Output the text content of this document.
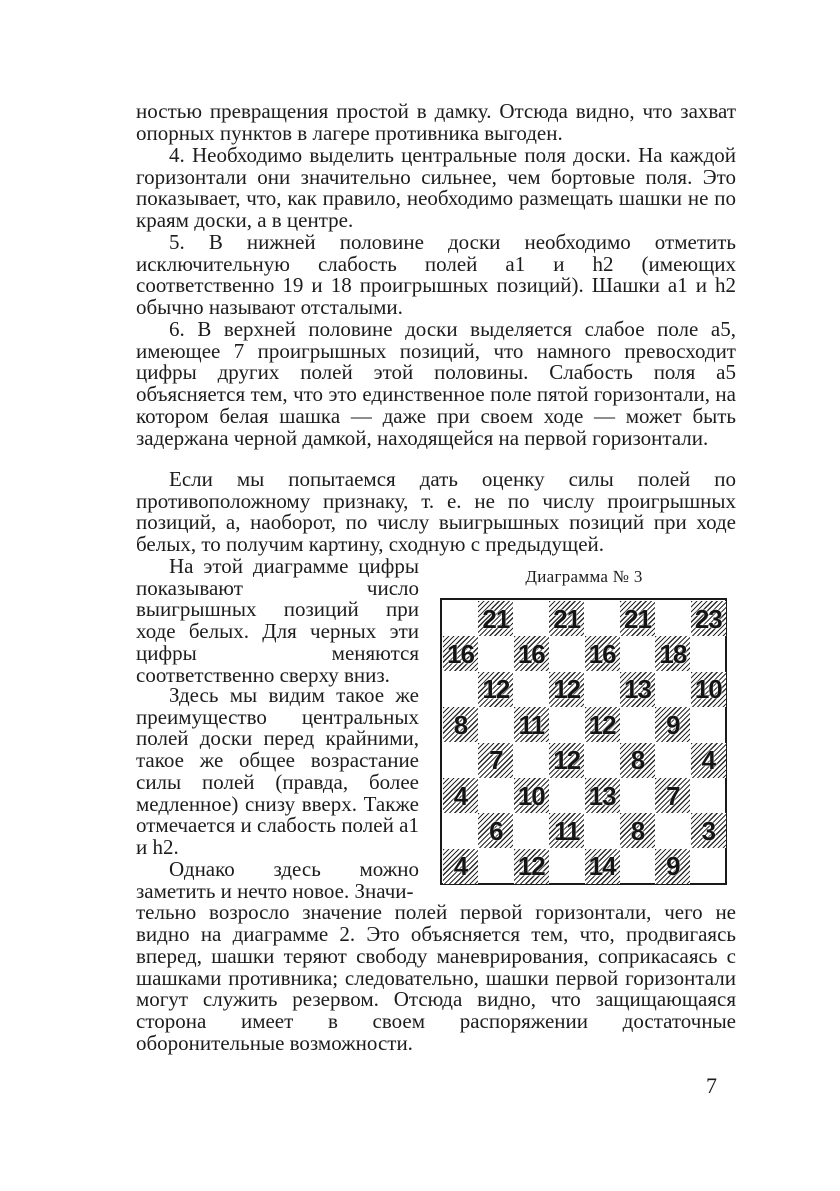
ностью превращения простой в дамку. Отсюда видно, что захват опорных пунктов в лагере противника выгоден.

4. Необходимо выделить центральные поля доски. На каждой горизонтали они значительно сильнее, чем бортовые поля. Это показывает, что, как правило, необходимо размещать шашки не по краям доски, а в центре.

5. В нижней половине доски необходимо отметить исключительную слабость полей a1 и h2 (имеющих соответственно 19 и 18 проигрышных позиций). Шашки a1 и h2 обычно называют отсталыми.

6. В верхней половине доски выделяется слабое поле a5, имеющее 7 проигрышных позиций, что намного превосходит цифры других полей этой половины. Слабость поля a5 объясняется тем, что это единственное поле пятой горизонтали, на котором белая шашка — даже при своем ходе — может быть задержана черной дамкой, находящейся на первой горизонтали.

Если мы попытаемся дать оценку силы полей по противоположному признаку, т. е. не по числу проигрышных позиций, а, наоборот, по числу выигрышных позиций при ходе белых, то получим картину, сходную с предыдущей.

На этой диаграмме цифры показывают число выигрышных позиций при ходе белых. Для черных эти цифры меняются соответственно сверху вниз.

Здесь мы видим такое же преимущество центральных полей доски перед крайними, такое же общее возрастание силы полей (правда, более медленное) снизу вверх. Также отмечается и слабость полей a1 и h2.

Однако здесь можно заметить и нечто новое. Значи-
тельно возросло значение полей первой горизонтали, чего не видно на диаграмме 2. Это объясняется тем, что, продвигаясь вперед, шашки теряют свободу маневрирования, соприкасаясь с шашками противника; следовательно, шашки первой горизонтали могут служить резервом. Отсюда видно, что защищающаяся сторона имеет в своем распоряжении достаточные оборонительные возможности.

Диаграмма № 3
21 21 21 23
16 16 16 18
12 12 13 10
8 11 12 9
7 12 8 4
4 10 13 7
6 11 8 3
4 12 14 9
7
